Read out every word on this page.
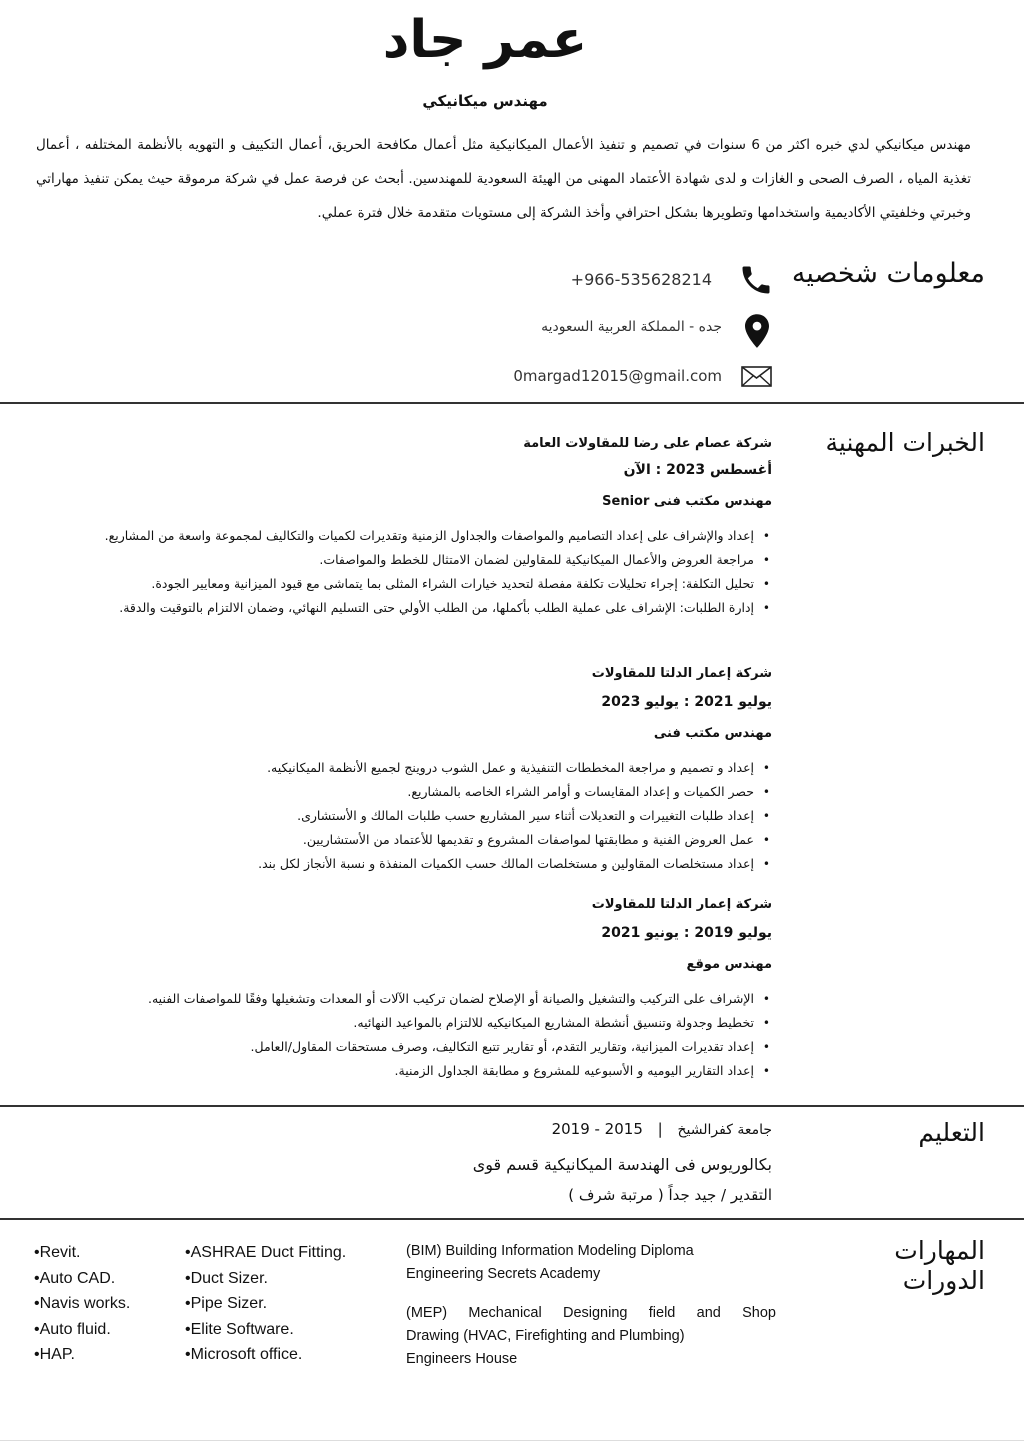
عمر جاد
مهندس ميكانيكي
مهندس ميكانيكي لدي خبره اكثر من 6 سنوات في تصميم و تنفيذ الأعمال الميكانيكية مثل أعمال مكافحة الحريق، أعمال التكييف و التهويه بالأنظمة المختلفه ، أعمال تغذية المياه ، الصرف الصحى و الغازات و لدى شهادة الأعتماد المهنى من الهيئة السعودية للمهندسين. أبحث عن فرصة عمل في شركة مرموقة حيث يمكن تنفيذ مهاراتي وخبرتي وخلفيتي الأكاديمية واستخدامها وتطويرها بشكل احترافي وأخذ الشركة إلى مستويات متقدمة خلال فترة عملي.
معلومات شخصيه
+966-535628214
جده - المملكة العربية السعوديه
0margad12015@gmail.com
الخبرات المهنية
شركة عصام على رضا للمقاولات العامة
أغسطس 2023 : الآن
مهندس مكتب فنى Senior
• إعداد والإشراف على إعداد التصاميم والمواصفات والجداول الزمنية وتقديرات لكميات والتكاليف لمجموعة واسعة من المشاريع.
• مراجعة العروض والأعمال الميكانيكية للمقاولين لضمان الامتثال للخطط والمواصفات.
• تحليل التكلفة: إجراء تحليلات تكلفة مفصلة لتحديد خيارات الشراء المثلى بما يتماشى مع قيود الميزانية ومعايير الجودة.
• إدارة الطلبات: الإشراف على عملية الطلب بأكملها، من الطلب الأولي حتى التسليم النهائي، وضمان الالتزام بالتوقيت والدقة.
شركة إعمار الدلتا للمقاولات
يوليو 2021 : يوليو 2023
مهندس مكتب فنى
• إعداد و تصميم و مراجعة المخططات التنفيذية و عمل الشوب دروينج لجميع الأنظمة الميكانيكيه.
• حصر الكميات و إعداد المقايسات و أوامر الشراء الخاصه بالمشاريع.
• إعداد طلبات التغييرات و التعديلات أثناء سير المشاريع حسب طلبات المالك و الأستشارى.
• عمل العروض الفنية و مطابقتها لمواصفات المشروع و تقديمها للأعتماد من الأستشاريين.
• إعداد مستخلصات المقاولين و مستخلصات المالك حسب الكميات المنفذة و نسبة الأنجاز لكل بند.
شركة إعمار الدلتا للمقاولات
يوليو 2019 : يونيو 2021
مهندس موقع
• الإشراف على التركيب والتشغيل والصيانة أو الإصلاح لضمان تركيب الآلات أو المعدات وتشغيلها وفقًا للمواصفات الفنيه.
• تخطيط وجدولة وتنسيق أنشطة المشاريع الميكانيكيه للالتزام بالمواعيد النهائيه.
• إعداد تقديرات الميزانية، وتقارير التقدم، أو تقارير تتبع التكاليف، وصرف مستحقات المقاول/العامل.
• إعداد التقارير اليوميه و الأسبوعيه للمشروع و مطابقة الجداول الزمنية.
التعليم
جامعة كفرالشيخ | 2019 - 2015
بكالوريوس فى الهندسة الميكانيكية قسم قوى
التقدير / جيد جداً ( مرتبة شرف )
المهارات
الدورات
•Revit.
•Auto CAD.
•Navis works.
•Auto fluid.
•HAP.
•ASHRAE Duct Fitting.
•Duct Sizer.
•Pipe Sizer.
•Elite Software.
•Microsoft office.
(BIM) Building Information Modeling Diploma
Engineering Secrets Academy
(MEP) Mechanical Designing field and Shop
Drawing (HVAC, Firefighting and Plumbing)
Engineers House
